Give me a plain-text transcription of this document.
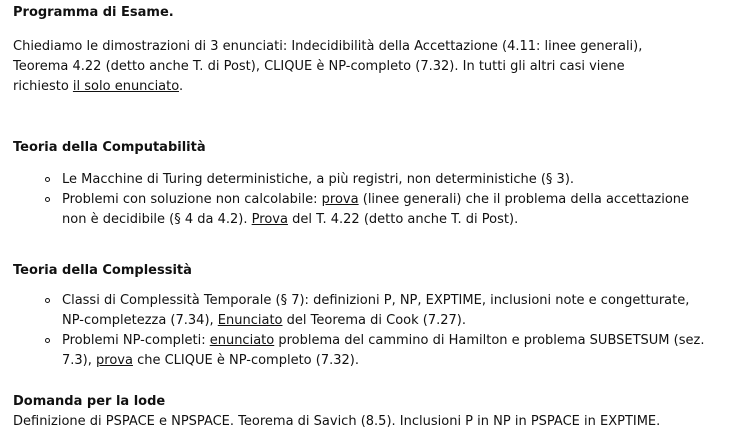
Programma di Esame.
Chiediamo le dimostrazioni di 3 enunciati: Indecidibilità della Accettazione (4.11: linee generali),
Teorema 4.22 (detto anche T. di Post), CLIQUE è NP-completo (7.32). In tutti gli altri casi viene
richiesto il solo enunciato.
Teoria della Computabilità
Le Macchine di Turing deterministiche, a più registri, non deterministiche (§ 3).
Problemi con soluzione non calcolabile: prova (linee generali) che il problema della accettazione
non è decidibile (§ 4 da 4.2). Prova del T. 4.22 (detto anche T. di Post).
Teoria della Complessità
Classi di Complessità Temporale (§ 7): definizioni P, NP, EXPTIME, inclusioni note e congetturate,
NP-completezza (7.34), Enunciato del Teorema di Cook (7.27).
Problemi NP-completi: enunciato problema del cammino di Hamilton e problema SUBSETSUM (sez.
7.3), prova che CLIQUE è NP-completo (7.32).
Domanda per la lode
Definizione di PSPACE e NPSPACE. Teorema di Savich (8.5). Inclusioni P in NP in PSPACE in EXPTIME.
